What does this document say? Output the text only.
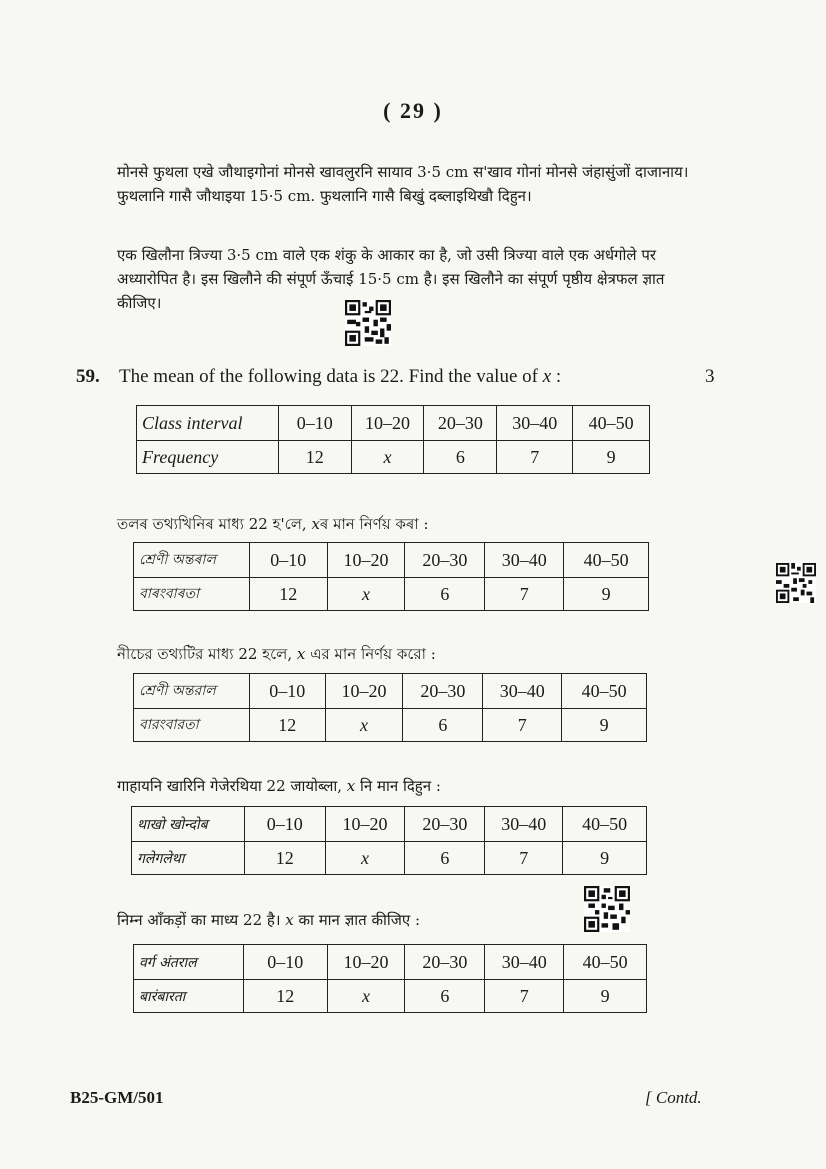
( 29 )
मोनसे फुथला एखे जौथाइगोनां मोनसे खावलुरनि सायाव 3·5 cm स'खाव गोनां मोनसे जंहासुंजों दाजानाय। फुथलानि गासै जौथाइया 15·5 cm. फुथलानि गासै बिखुं दब्लाइथिखौ दिहुन।
एक खिलौना त्रिज्या 3·5 cm वाले एक शंकु के आकार का है, जो उसी त्रिज्या वाले एक अर्धगोले पर अध्यारोपित है। इस खिलौने की संपूर्ण ऊँचाई 15·5 cm है। इस खिलौने का संपूर्ण पृष्ठीय क्षेत्रफल ज्ञात कीजिए।
59. The mean of the following data is 22. Find the value of x :	3
Class interval	0–10	10–20	20–30	30–40	40–50
Frequency	12	x	6	7	9
তলৰ তথ্যখিনিৰ মাধ্য 22 হ'লে, xৰ মান নিৰ্ণয় কৰা :
শ্ৰেণী অন্তৰাল	0–10	10–20	20–30	30–40	40–50
বাৰংবাৰতা	12	x	6	7	9
নীচের তথ্যটির মাধ্য 22 হলে, x এর মান নির্ণয় করো :
শ্রেণী অন্তরাল	0–10	10–20	20–30	30–40	40–50
বারংবারতা	12	x	6	7	9
गाहायनि खारिनि गेजेरथिया 22 जायोब्ला, x नि मान दिहुन :
थाखो खोन्दोब	0–10	10–20	20–30	30–40	40–50
गलेगलेथा	12	x	6	7	9
निम्न आँकड़ों का माध्य 22 है। x का मान ज्ञात कीजिए :
वर्ग अंतराल	0–10	10–20	20–30	30–40	40–50
बारंबारता	12	x	6	7	9
B25-GM/501	[ Contd.
